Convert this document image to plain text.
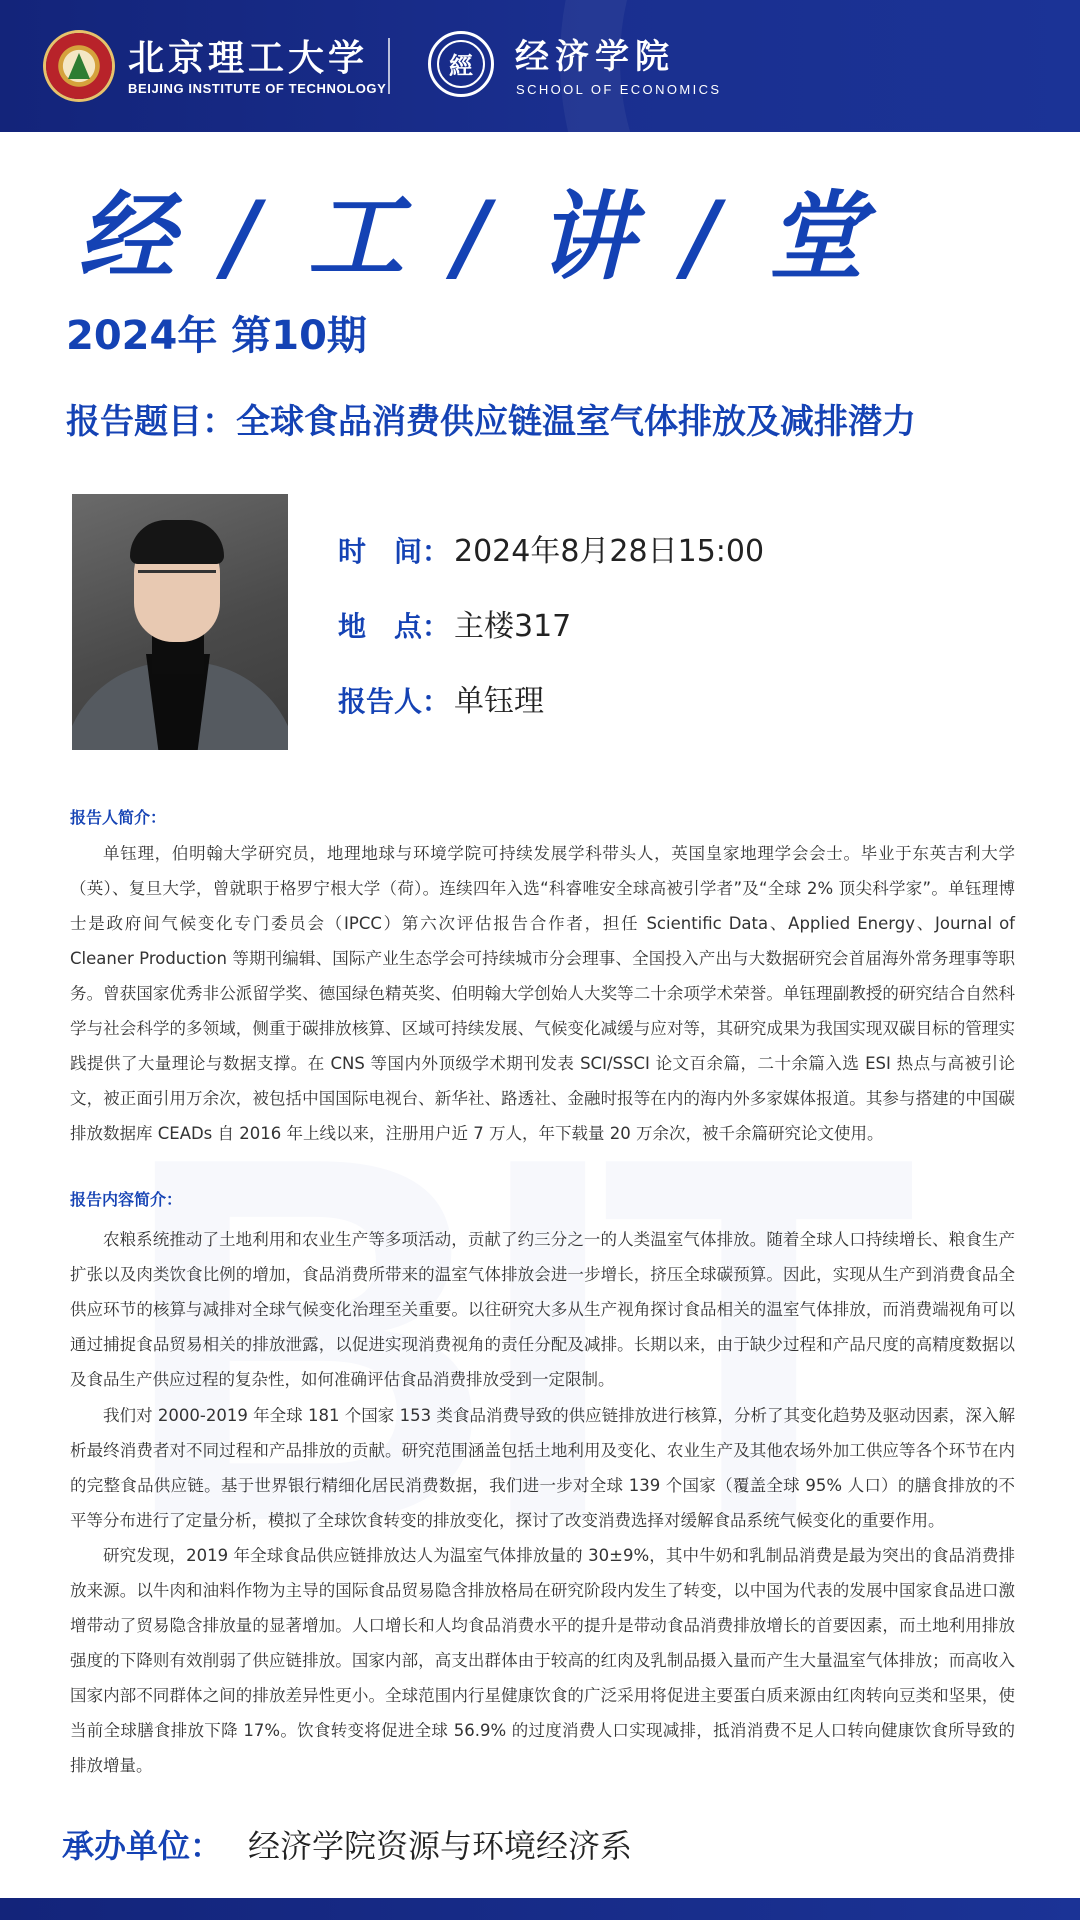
北京理工大学
BEIJING INSTITUTE OF TECHNOLOGY
經	经济学院
SCHOOL OF ECONOMICS
经 / 工 / 讲 / 堂
2024年 第10期
报告题目：全球食品消费供应链温室气体排放及减排潜力
时　间： 2024年8月28日15:00
地　点： 主楼317
报告人： 单钰理
报告人简介：

单钰理，伯明翰大学研究员，地理地球与环境学院可持续发展学科带头人，英国皇家地理学会会士。毕业于东英吉利大学（英）、复旦大学，曾就职于格罗宁根大学（荷）。连续四年入选“科睿唯安全球高被引学者”及“全球 2% 顶尖科学家”。单钰理博士是政府间气候变化专门委员会（IPCC）第六次评估报告合作者，担任 Scientific Data、Applied Energy、Journal of Cleaner Production 等期刊编辑、国际产业生态学会可持续城市分会理事、全国投入产出与大数据研究会首届海外常务理事等职务。曾获国家优秀非公派留学奖、德国绿色精英奖、伯明翰大学创始人大奖等二十余项学术荣誉。单钰理副教授的研究结合自然科学与社会科学的多领域，侧重于碳排放核算、区域可持续发展、气候变化减缓与应对等，其研究成果为我国实现双碳目标的管理实践提供了大量理论与数据支撑。在 CNS 等国内外顶级学术期刊发表 SCI/SSCI 论文百余篇，二十余篇入选 ESI 热点与高被引论文，被正面引用万余次，被包括中国国际电视台、新华社、路透社、金融时报等在内的海内外多家媒体报道。其参与搭建的中国碳排放数据库 CEADs 自 2016 年上线以来，注册用户近 7 万人，年下载量 20 万余次，被千余篇研究论文使用。

报告内容简介：

农粮系统推动了土地利用和农业生产等多项活动，贡献了约三分之一的人类温室气体排放。随着全球人口持续增长、粮食生产扩张以及肉类饮食比例的增加，食品消费所带来的温室气体排放会进一步增长，挤压全球碳预算。因此，实现从生产到消费食品全供应环节的核算与减排对全球气候变化治理至关重要。以往研究大多从生产视角探讨食品相关的温室气体排放，而消费端视角可以通过捕捉食品贸易相关的排放泄露，以促进实现消费视角的责任分配及减排。长期以来，由于缺少过程和产品尺度的高精度数据以及食品生产供应过程的复杂性，如何准确评估食品消费排放受到一定限制。

我们对 2000-2019 年全球 181 个国家 153 类食品消费导致的供应链排放进行核算，分析了其变化趋势及驱动因素，深入解析最终消费者对不同过程和产品排放的贡献。研究范围涵盖包括土地利用及变化、农业生产及其他农场外加工供应等各个环节在内的完整食品供应链。基于世界银行精细化居民消费数据，我们进一步对全球 139 个国家（覆盖全球 95% 人口）的膳食排放的不平等分布进行了定量分析，模拟了全球饮食转变的排放变化，探讨了改变消费选择对缓解食品系统气候变化的重要作用。

研究发现，2019 年全球食品供应链排放达人为温室气体排放量的 30±9%，其中牛奶和乳制品消费是最为突出的食品消费排放来源。以牛肉和油料作物为主导的国际食品贸易隐含排放格局在研究阶段内发生了转变，以中国为代表的发展中国家食品进口激增带动了贸易隐含排放量的显著增加。人口增长和人均食品消费水平的提升是带动食品消费排放增长的首要因素，而土地利用排放强度的下降则有效削弱了供应链排放。国家内部，高支出群体由于较高的红肉及乳制品摄入量而产生大量温室气体排放；而高收入国家内部不同群体之间的排放差异性更小。全球范围内行星健康饮食的广泛采用将促进主要蛋白质来源由红肉转向豆类和坚果，使当前全球膳食排放下降 17%。饮食转变将促进全球 56.9% 的过度消费人口实现减排，抵消消费不足人口转向健康饮食所导致的排放增量。

承办单位： 经济学院资源与环境经济系
